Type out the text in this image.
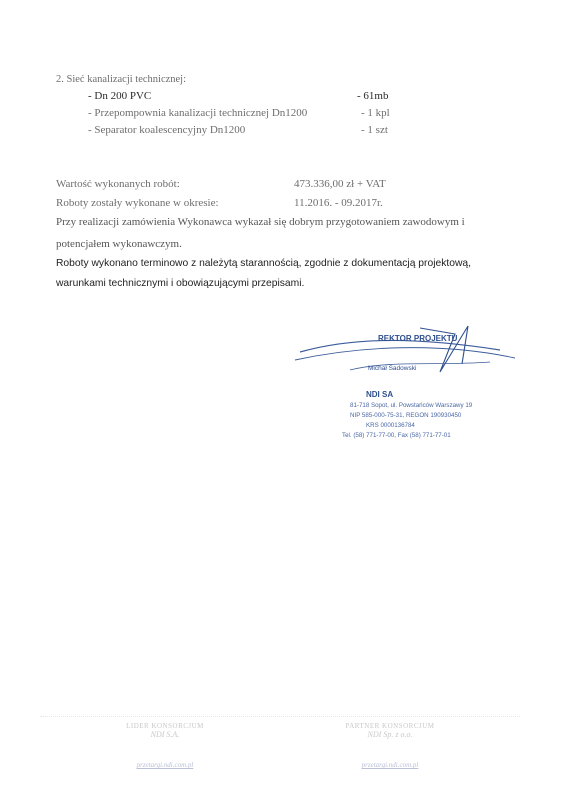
2. Sieć kanalizacji technicznej:
- Dn 200 PVC	- 61mb
- Przepompownia kanalizacji technicznej Dn1200	- 1 kpl
- Separator koalescencyjny Dn1200	- 1 szt
Wartość wykonanych robót:	473.336,00 zł + VAT
Roboty zostały wykonane w okresie:	11.2016. - 09.2017r.
Przy realizacji zamówienia Wykonawca wykazał się dobrym przygotowaniem zawodowym i
potencjałem wykonawczym.
Roboty wykonano terminowo z należytą starannością, zgodnie z dokumentacją projektową,
warunkami technicznymi i obowiązującymi przepisami.
REKTOR PROJEKTU
Michał Sadowski
NDI SA
81-718 Sopot, ul. Powstańców Warszawy 19
NIP 585-000-75-31, REGON 190930450
KRS 0000136784
Tel. (58) 771-77-00, Fax (58) 771-77-01
LIDER KONSORCJUM
NDI S.A.
przetargi.ndi.com.pl
PARTNER KONSORCJUM
NDI Sp. z o.o.
przetargi.ndi.com.pl
